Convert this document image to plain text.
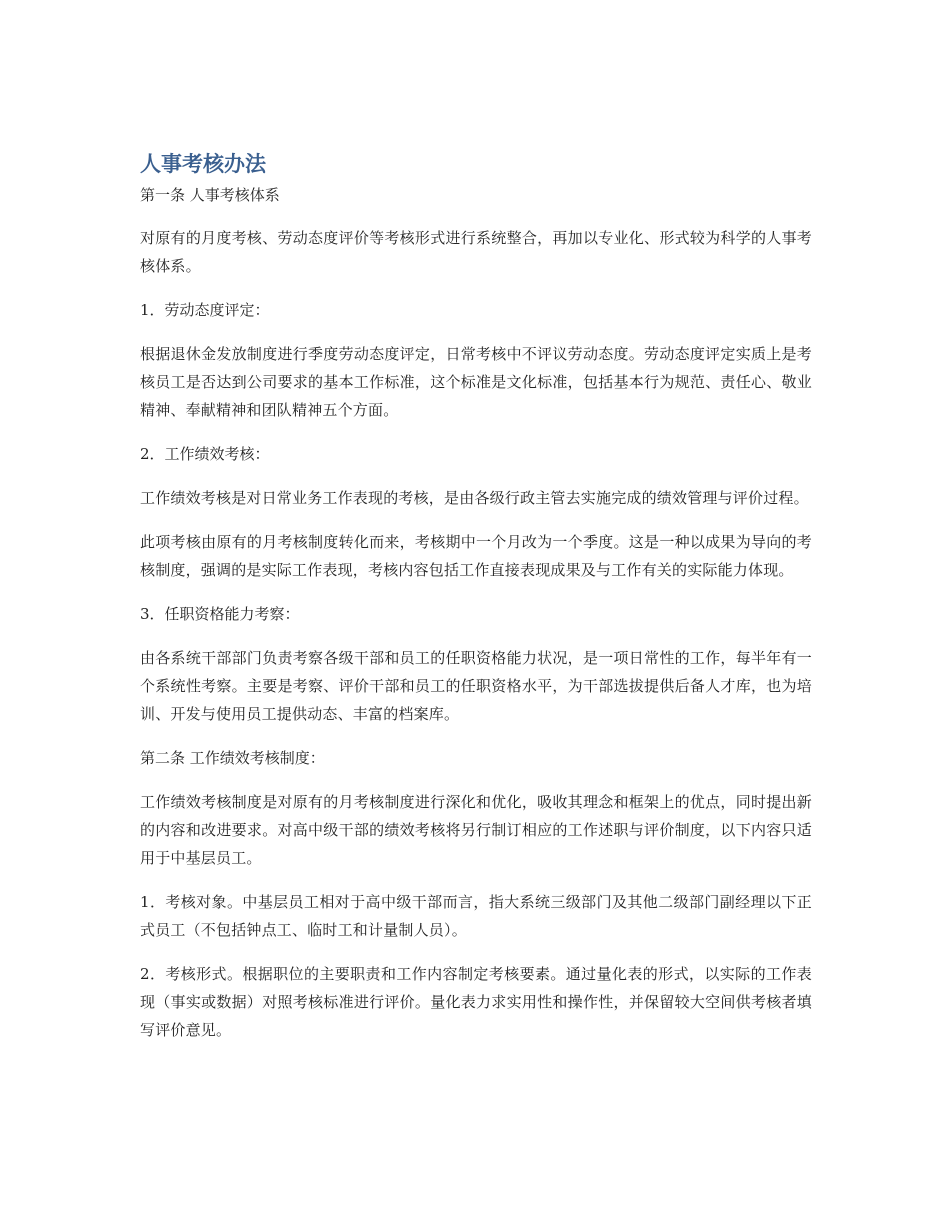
人事考核办法

第一条 人事考核体系

对原有的月度考核、劳动态度评价等考核形式进行系统整合，再加以专业化、形式较为科学的人事考核体系。

1．劳动态度评定：

根据退休金发放制度进行季度劳动态度评定，日常考核中不评议劳动态度。劳动态度评定实质上是考核员工是否达到公司要求的基本工作标准，这个标准是文化标准，包括基本行为规范、责任心、敬业精神、奉献精神和团队精神五个方面。

2．工作绩效考核：

工作绩效考核是对日常业务工作表现的考核，是由各级行政主管去实施完成的绩效管理与评价过程。

此项考核由原有的月考核制度转化而来，考核期中一个月改为一个季度。这是一种以成果为导向的考核制度，强调的是实际工作表现，考核内容包括工作直接表现成果及与工作有关的实际能力体现。

3．任职资格能力考察：

由各系统干部部门负责考察各级干部和员工的任职资格能力状况，是一项日常性的工作，每半年有一个系统性考察。主要是考察、评价干部和员工的任职资格水平，为干部选拔提供后备人才库，也为培训、开发与使用员工提供动态、丰富的档案库。

第二条 工作绩效考核制度：

工作绩效考核制度是对原有的月考核制度进行深化和优化，吸收其理念和框架上的优点，同时提出新的内容和改进要求。对高中级干部的绩效考核将另行制订相应的工作述职与评价制度，以下内容只适用于中基层员工。

1．考核对象。中基层员工相对于高中级干部而言，指大系统三级部门及其他二级部门副经理以下正式员工（不包括钟点工、临时工和计量制人员）。

2．考核形式。根据职位的主要职责和工作内容制定考核要素。通过量化表的形式，以实际的工作表现（事实或数据）对照考核标准进行评价。量化表力求实用性和操作性，并保留较大空间供考核者填写评价意见。
